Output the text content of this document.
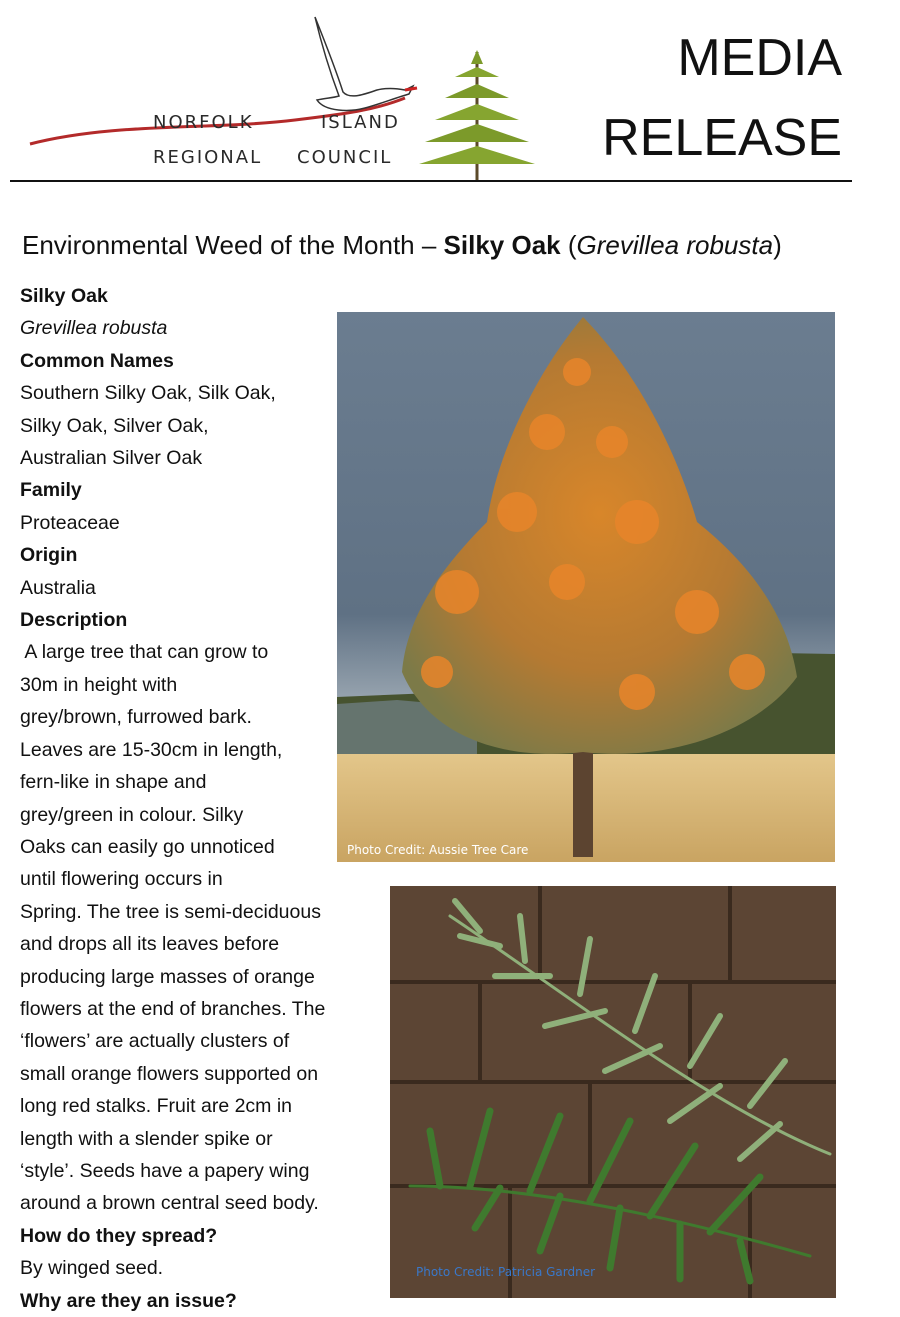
NORFOLK	ISLAND
REGIONAL COUNCIL
MEDIA
RELEASE
Environmental Weed of the Month – Silky Oak (Grevillea robusta)
Silky Oak
Grevillea robusta
Common Names
Southern Silky Oak, Silk Oak,
Silky Oak, Silver Oak,
Australian Silver Oak
Family
Proteaceae
Origin
Australia
Description
A large tree that can grow to
30m in height with
grey/brown, furrowed bark.
Leaves are 15-30cm in length,
fern-like in shape and
grey/green in colour. Silky
Oaks can easily go unnoticed
until flowering occurs in
Spring. The tree is semi-deciduous
and drops all its leaves before
producing large masses of orange
flowers at the end of branches. The
‘flowers’ are actually clusters of
small orange flowers supported on
long red stalks. Fruit are 2cm in
length with a slender spike or
‘style’. Seeds have a papery wing
around a brown central seed body.
How do they spread?
By winged seed.
Why are they an issue?
Photo Credit: Aussie Tree Care
Photo Credit: Patricia Gardner
